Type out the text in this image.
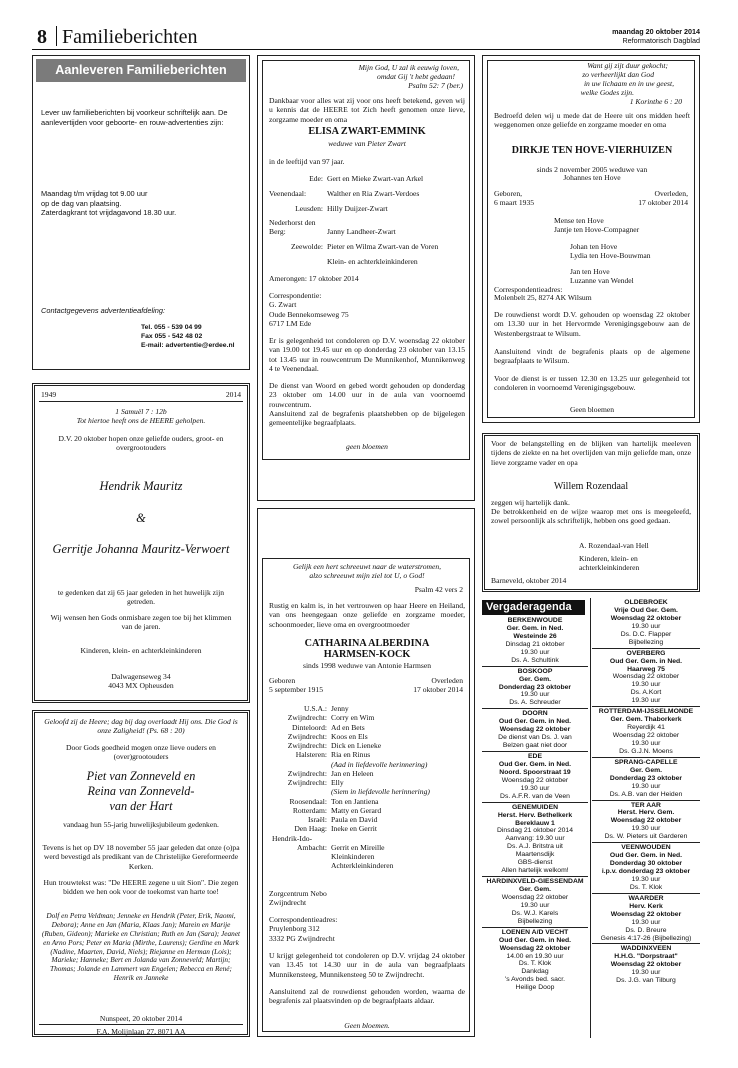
8 Familieberichten	maandag 20 oktober 2014
Reformatorisch Dagblad
Aanleveren Familieberichten
Lever uw familieberichten bij voorkeur schriftelijk aan. De aanlevertijden voor geboorte- en rouw-advertenties zijn:
Maandag t/m vrijdag tot 9.00 uur
op de dag van plaatsing.
Zaterdagkrant tot vrijdagavond 18.30 uur.
Contactgegevens advertentieafdeling:
Tel. 055 - 539 04 99
Fax 055 - 542 48 02
E-mail: advertentie@erdee.nl
1949	2014
1 Samuël 7 : 12b
Tot hiertoe heeft ons de HEERE geholpen.
D.V. 20 oktober hopen onze geliefde ouders, groot- en overgrootouders
Hendrik Mauritz
&
Gerritje Johanna Mauritz-Verwoert
te gedenken dat zij 65 jaar geleden in het huwelijk zijn getreden.
Wij wensen hen Gods onmisbare zegen toe bij het klimmen van de jaren.
Kinderen, klein- en achterkleinkinderen
Dalwagenseweg 34
4043 MX Opheusden
Geloofd zij de Heere; dag bij dag overlaadt Hij ons. Die God is onze Zaligheid! (Ps. 68 : 20)
Door Gods goedheid mogen onze lieve ouders en (over)grootouders
Piet van Zonneveld en
Reina van Zonneveld-
van der Hart
vandaag hun 55-jarig huwelijksjubileum gedenken.
Tevens is het op DV 18 november 55 jaar geleden dat onze (o)pa werd bevestigd als predikant van de Christelijke Gereformeerde Kerken.
Hun trouwtekst was: "De HEERE zegene u uit Sion". Die zegen bidden we hen ook voor de toekomst van harte toe!
Dolf en Petra Veldman; Jenneke en Hendrik (Peter, Erik, Naomi, Debora); Anne en Jan (Maria, Klaas Jan); Marein en Marije (Ruben, Gideon); Marieke en Christian; Ruth en Jan (Sara); Jeanet en Arno Pors; Peter en Maria (Mirthe, Laurens); Gerdine en Mark (Nadine, Maarten, David, Niels); Riejanne en Herman (Lois); Marieke; Hanneke; Bert en Jolanda van Zonneveld; Martijn; Thomas; Jolande en Lammert van Engelen; Rebecca en René; Henrik en Janneke
Nunspeet, 20 oktober 2014
F.A. Molijnlaan 27, 8071 AA
Mijn God, U zal ik eeuwig loven,
omdat Gij 't hebt gedaan!
Psalm 52: 7 (ber.)
Dankbaar voor alles wat zij voor ons heeft betekend, geven wij u kennis dat de HEERE tot Zich heeft genomen onze lieve, zorgzame moeder en oma
ELISA ZWART-EMMINK
weduwe van Pieter Zwart
in de leeftijd van 97 jaar.
Ede: Gert en Mieke Zwart-van Arkel
Veenendaal:	Walther en Ria Zwart-Verdoes
Leusden: Hilly Duijzer-Zwart
Nederhorst den Berg:	Janny Landheer-Zwart
Zeewolde: Pieter en Wilma Zwart-van de Voren
Klein- en achterkleinkinderen
Amerongen: 17 oktober 2014
Correspondentie:
G. Zwart
Oude Bennekomseweg 75
6717 LM Ede
Er is gelegenheid tot condoleren op D.V. woensdag 22 oktober van 19.00 tot 19.45 uur en op donderdag 23 oktober van 13.15 tot 13.45 uur in rouwcentrum De Munnikenhof, Munnikenweg 4 te Veenendaal.
De dienst van Woord en gebed wordt gehouden op donderdag 23 oktober om 14.00 uur in de aula van voornoemd rouwcentrum.
Aansluitend zal de begrafenis plaatshebben op de bijgelegen gemeentelijke begraafplaats.
geen bloemen
Gelijk een hert schreeuwt naar de waterstromen,
alzo schreeuwt mijn ziel tot U, o God!
Psalm 42 vers 2
Rustig en kalm is, in het vertrouwen op haar Heere en Heiland, van ons heengegaan onze geliefde en zorgzame moeder, schoonmoeder, lieve oma en overgrootmoeder
CATHARINA ALBERDINA
HARMSEN-KOCK
sinds 1998 weduwe van Antonie Harmsen
Geboren
5 september 1915
Overleden
17 oktober 2014
U.S.A.: Jenny
Zwijndrecht: Corry en Wim
Dinteloord: Ad en Bets
Zwijndrecht: Koos en Els
Zwijndrecht: Dick en Lieneke
Halsteren: Ria en Rinus
(Aad in liefdevolle herinnering)
Zwijndrecht: Jan en Heleen
Zwijndrecht: Elly
(Siem in liefdevolle herinnering)
Roosendaal: Ton en Jantiena
Rotterdam: Matty en Gerard
Israël: Paula en David
Den Haag: Ineke en Gerrit
Hendrik-Ido-
Ambacht: Gerrit en Mireille
Kleinkinderen
Achterkleinkinderen
Zorgcentrum Nebo
Zwijndrecht
Correspondentieadres:
Pruylenborg 312
3332 PG Zwijndrecht
U krijgt gelegenheid tot condoleren op D.V. vrijdag 24 oktober van 13.45 tot 14.30 uur in de aula van begraafplaats Munnikensteeg, Munnikensteeg 50 te Zwijndrecht.
Aansluitend zal de rouwdienst gehouden worden, waarna de begrafenis zal plaatsvinden op de begraafplaats aldaar.
Geen bloemen.
Want gij zijt duur gekocht;
zo verheerlijkt dan God
in uw lichaam en in uw geest,
welke Godes zijn.
1 Korinthe 6 : 20
Bedroefd delen wij u mede dat de Heere uit ons midden heeft weggenomen onze geliefde en zorgzame moeder en oma
DIRKJE TEN HOVE-VIERHUIZEN
sinds 2 november 2005 weduwe van
Johannes ten Hove
Geboren,
6 maart 1935
Overleden,
17 oktober 2014
Mense ten Hove
Jantje ten Hove-Compagner
Johan ten Hove
Lydia ten Hove-Bouwman
Jan ten Hove
Luzanne van Wendel
Correspondentieadres:
Molenbelt 25, 8274 AK Wilsum
De rouwdienst wordt D.V. gehouden op woensdag 22 oktober om 13.30 uur in het Hervormde Verenigingsgebouw aan de Westenbergstraat te Wilsum.
Aansluitend vindt de begrafenis plaats op de algemene begraafplaats te Wilsum.
Voor de dienst is er tussen 12.30 en 13.25 uur gelegenheid tot condoleren in voornoemd Verenigingsgebouw.
Geen bloemen
Voor de belangstelling en de blijken van hartelijk meeleven tijdens de ziekte en na het overlijden van mijn geliefde man, onze lieve zorgzame vader en opa
Willem Rozendaal
zeggen wij hartelijk dank.
De betrokkenheid en de wijze waarop met ons is meegeleefd, zowel persoonlijk als schriftelijk, hebben ons goed gedaan.
A. Rozendaal-van Hell
Kinderen, klein- en
achterkleinkinderen
Barneveld, oktober 2014
Vergaderagenda
BERKENWOUDE
Ger. Gem. in Ned.
Westeinde 26
Dinsdag 21 oktober
19.30 uur
Ds. A. Schultink
BOSKOOP
Ger. Gem.
Donderdag 23 oktober
19.30 uur
Ds. A. Schreuder
DOORN
Oud Ger. Gem. in Ned.
Woensdag 22 oktober
De dienst van Ds. J. van
Belzen gaat niet door
EDE
Oud Ger. Gem. in Ned.
Noord. Spoorstraat 19
Woensdag 22 oktober
19.30 uur
Ds. A.F.R. van de Veen
GENEMUIDEN
Herst. Herv. Bethelkerk
Bereklauw 1
Dinsdag 21 oktober 2014
Aanvang: 19.30 uur
Ds. A.J. Britstra uit
Maartensdijk
GBS-dienst
Allen hartelijk welkom!
HARDINXVELD-GIESSENDAM
Ger. Gem.
Woensdag 22 oktober
19.30 uur
Ds. W.J. Karels
Bijbellezing
LOENEN A/D VECHT
Oud Ger. Gem. in Ned.
Woensdag 22 oktober
14.00 en 19.30 uur
Ds. T. Klok
Dankdag
's Avonds bed. sacr.
Heilige Doop
OLDEBROEK
Vrije Oud Ger. Gem.
Woensdag 22 oktober
19.30 uur
Ds. D.C. Flapper
Bijbellezing
OVERBERG
Oud Ger. Gem. in Ned.
Haarweg 75
Woensdag 22 oktober
19.30 uur
Ds. A.Kort
19.30 uur
ROTTERDAM-IJSSELMONDE
Ger. Gem. Thaborkerk
Reyerdijk 41
Woensdag 22 oktober
19.30 uur
Ds. G.J.N. Moens
SPRANG-CAPELLE
Ger. Gem.
Donderdag 23 oktober
19.30 uur
Ds. A.B. van der Heiden
TER AAR
Herst. Herv. Gem.
Woensdag 22 oktober
19.30 uur
Ds. W. Pieters uit Garderen
VEENWOUDEN
Oud Ger. Gem. in Ned.
Donderdag 30 oktober
i.p.v. donderdag 23 oktober
19.30 uur
Ds. T. Klok
WAARDER
Herv. Kerk
Woensdag 22 oktober
19.30 uur
Ds. D. Breure
Genesis 4:17-26 (Bijbellezing)
WADDINXVEEN
H.H.G. "Dorpstraat"
Woensdag 22 oktober
19.30 uur
Ds. J.G. van Tilburg
